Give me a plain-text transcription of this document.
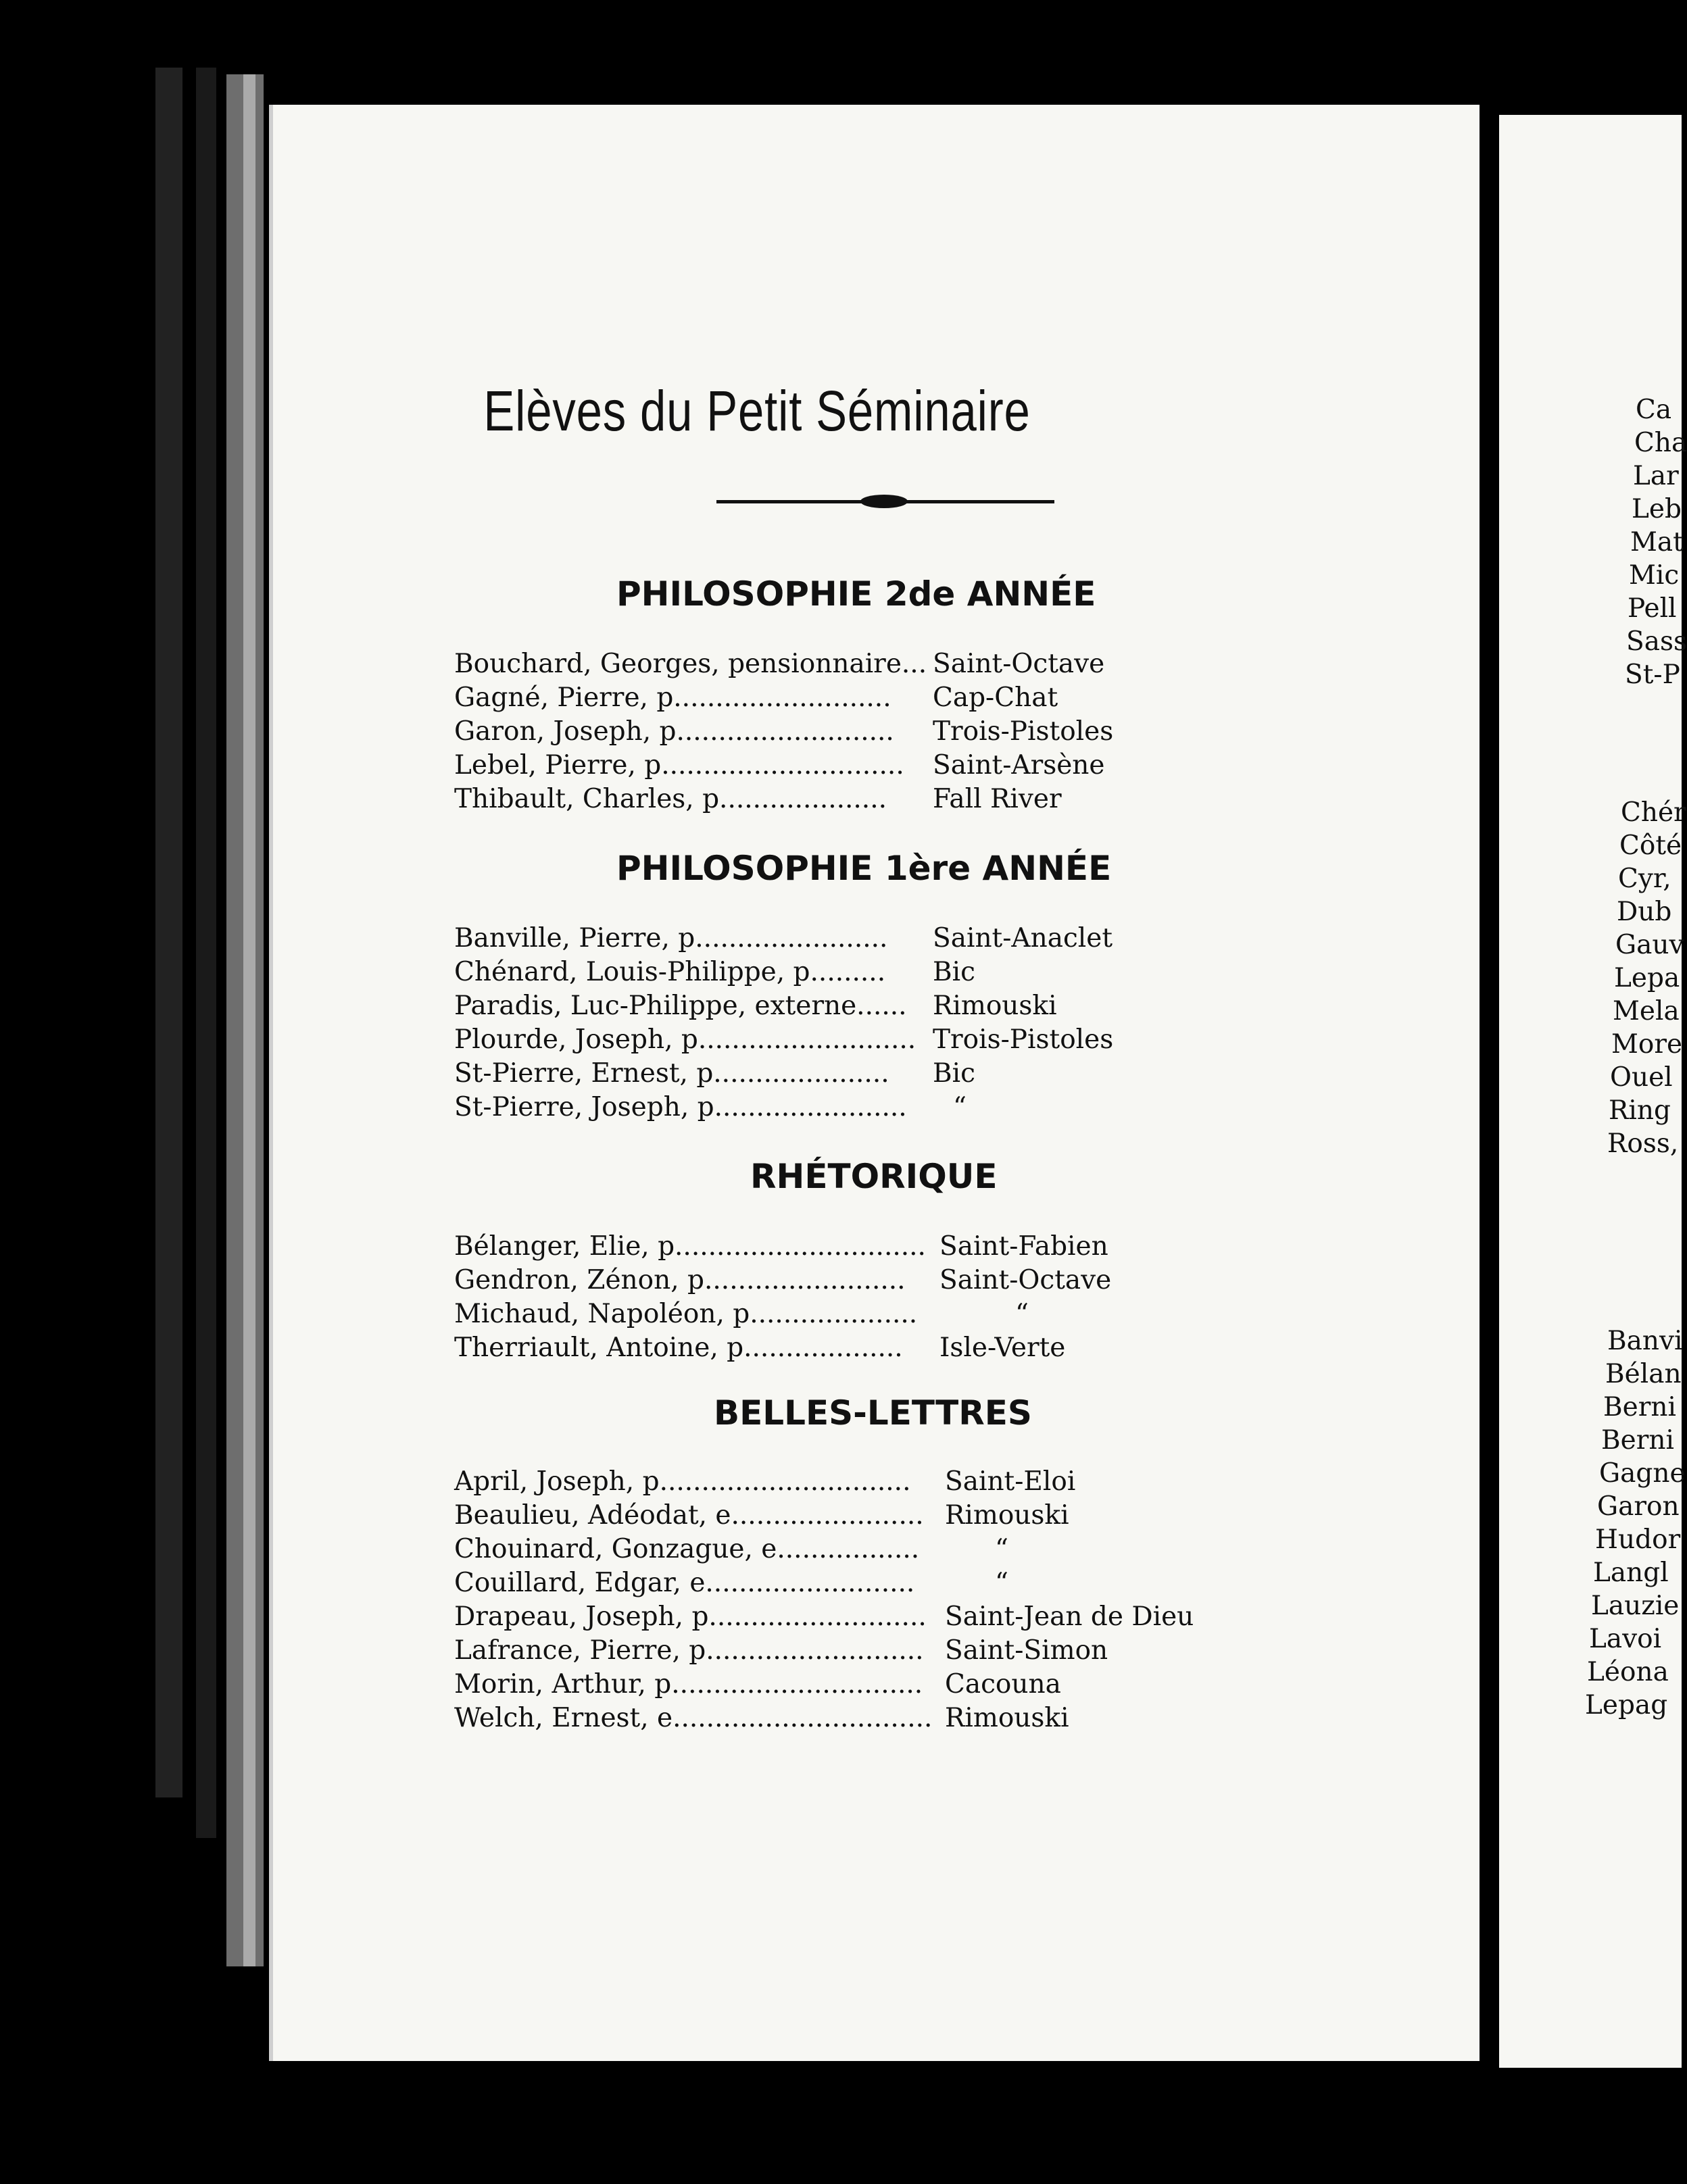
Elèves du Petit Séminaire
PHILOSOPHIE 2de ANNÉE
Bouchard, Georges, pensionnaire... Saint-Octave
Gagné, Pierre, p.......................... Cap-Chat
Garon, Joseph, p.......................... Trois-Pistoles
Lebel, Pierre, p............................. Saint-Arsène
Thibault, Charles, p.................... Fall River
PHILOSOPHIE 1ère ANNÉE
Banville, Pierre, p....................... Saint-Anaclet
Chénard, Louis-Philippe, p......... Bic
Paradis, Luc-Philippe, externe...... Rimouski
Plourde, Joseph, p.......................... Trois-Pistoles
St-Pierre, Ernest, p..................... Bic
St-Pierre, Joseph, p....................... “
RHÉTORIQUE
Bélanger, Elie, p.............................. Saint-Fabien
Gendron, Zénon, p........................ Saint-Octave
Michaud, Napoléon, p....................	“
Therriault, Antoine, p................... Isle-Verte
BELLES-LETTRES
April, Joseph, p.............................. Saint-Eloi
Beaulieu, Adéodat, e....................... Rimouski
Chouinard, Gonzague, e.................	“
Couillard, Edgar, e.........................	“
Drapeau, Joseph, p.......................... Saint-Jean de Dieu
Lafrance, Pierre, p.......................... Saint-Simon
Morin, Arthur, p.............................. Cacouna
Welch, Ernest, e............................... Rimouski
Ca
Cha
Lar
Leb
Mat
Mic
Pell
Sass
St-P
Chér
Côté
Cyr,
Dub
Gauv
Lepa
Mela
More
Ouel
Ring
Ross,
Banvi
Bélan
Berni
Berni
Gagne
Garon
Hudor
Langl
Lauzie
Lavoi
Léona
Lepag
